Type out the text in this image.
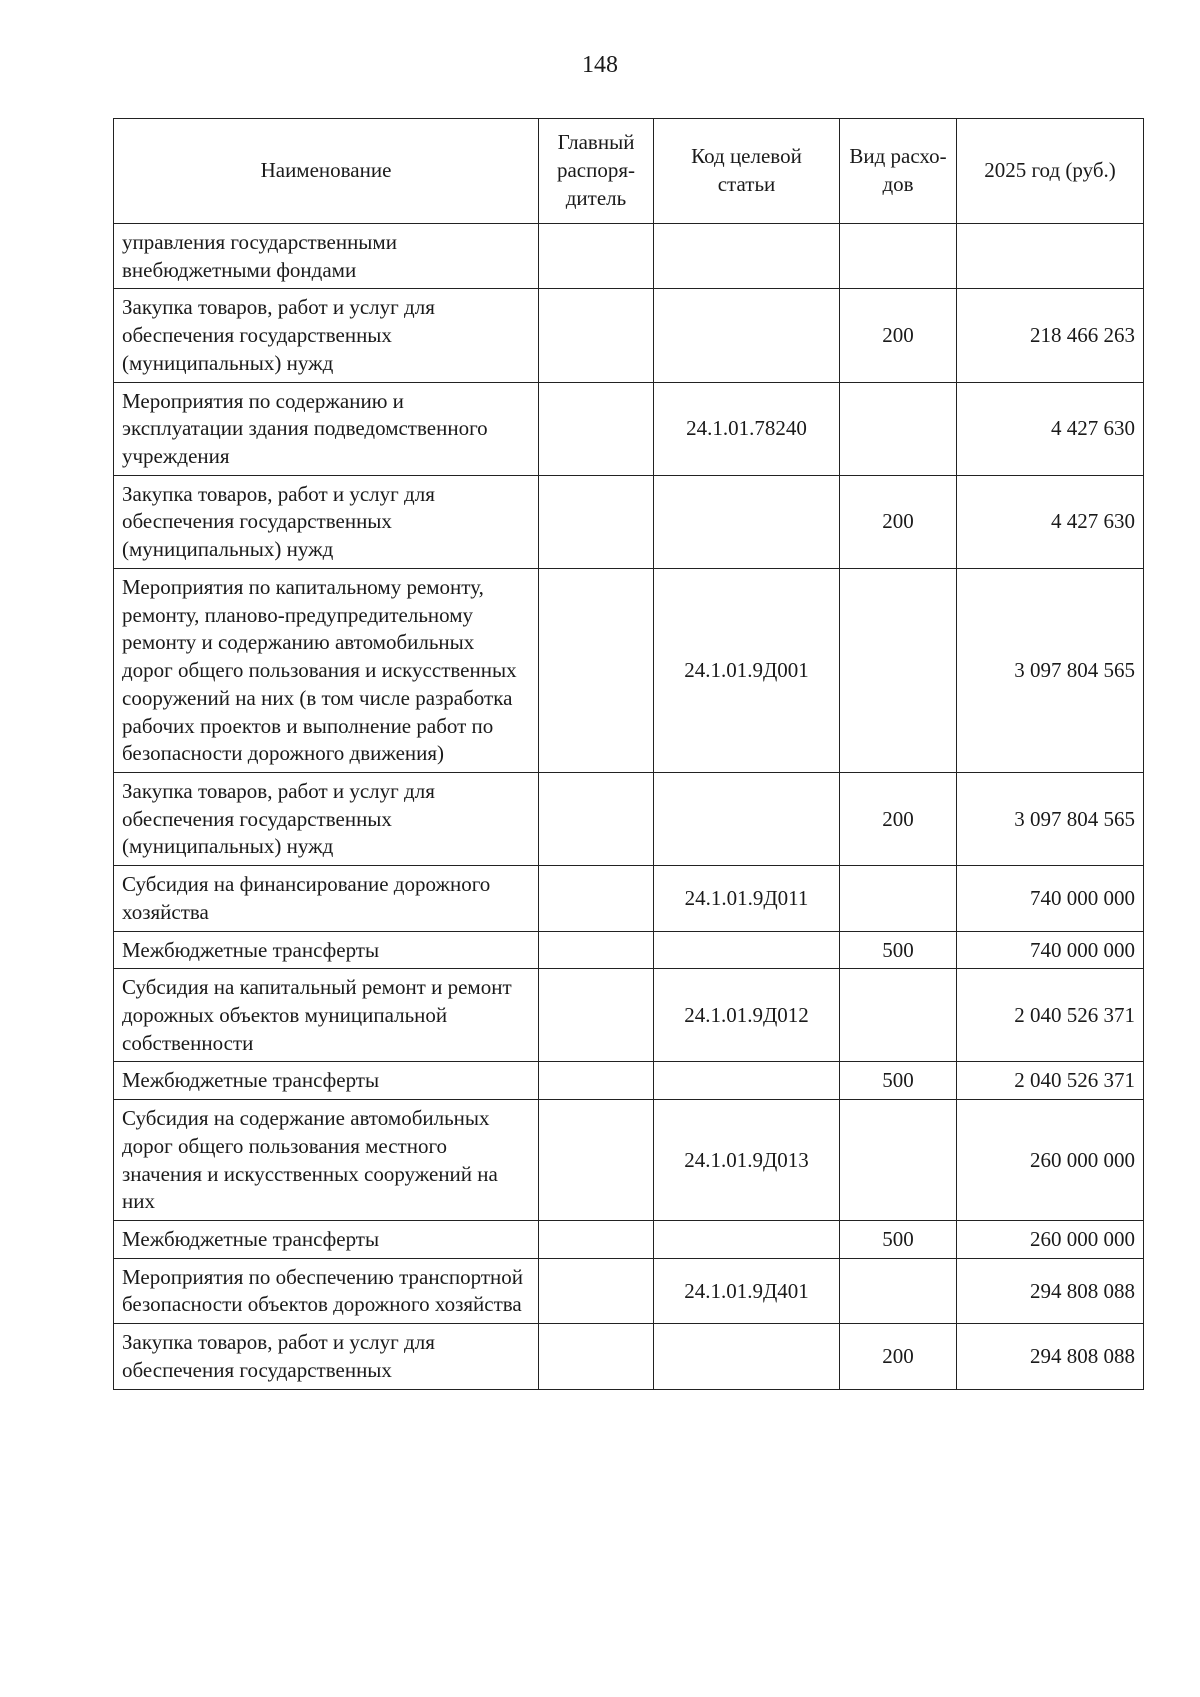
148
Наименование	Главный распоря-дитель	Код целевой статьи	Вид расхо-дов	2025 год (руб.)
управления государственными внебюджетными фондами				
Закупка товаров, работ и услуг для обеспечения государственных (муниципальных) нужд			200	218 466 263
Мероприятия по содержанию и эксплуатации здания подведомственного учреждения		24.1.01.78240		4 427 630
Закупка товаров, работ и услуг для обеспечения государственных (муниципальных) нужд			200	4 427 630
Мероприятия по капитальному ремонту, ремонту, планово-предупредительному ремонту и содержанию автомобильных дорог общего пользования и искусственных сооружений на них (в том числе разработка рабочих проектов и выполнение работ по безопасности дорожного движения)		24.1.01.9Д001		3 097 804 565
Закупка товаров, работ и услуг для обеспечения государственных (муниципальных) нужд			200	3 097 804 565
Субсидия на финансирование дорожного хозяйства		24.1.01.9Д011		740 000 000
Межбюджетные трансферты			500	740 000 000
Субсидия на капитальный ремонт и ремонт дорожных объектов муниципальной собственности		24.1.01.9Д012		2 040 526 371
Межбюджетные трансферты			500	2 040 526 371
Субсидия на содержание автомобильных дорог общего пользования местного значения и искусственных сооружений на них		24.1.01.9Д013		260 000 000
Межбюджетные трансферты			500	260 000 000
Мероприятия по обеспечению транспортной безопасности объектов дорожного хозяйства		24.1.01.9Д401		294 808 088
Закупка товаров, работ и услуг для обеспечения государственных			200	294 808 088
